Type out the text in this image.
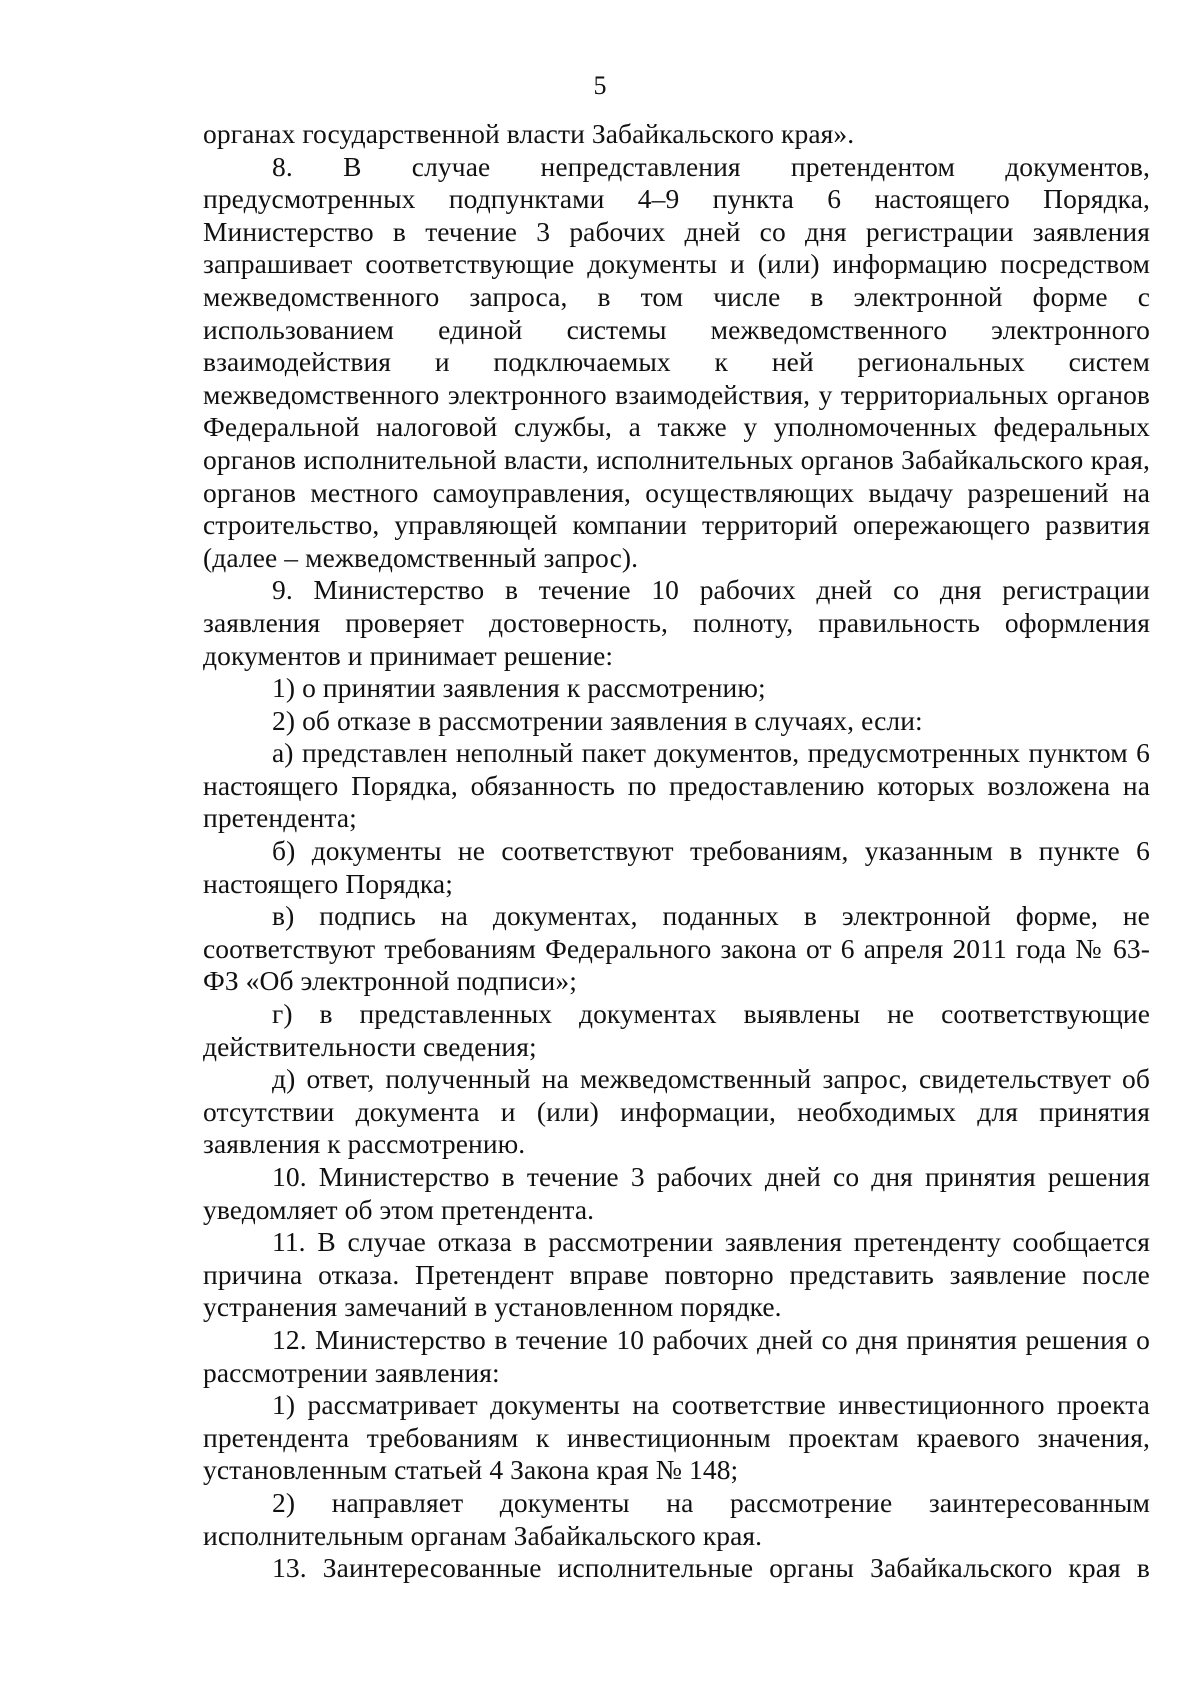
5

органах государственной власти Забайкальского края».

8. В случае непредставления претендентом документов, предусмотренных подпунктами 4–9 пункта 6 настоящего Порядка, Министерство в течение 3 рабочих дней со дня регистрации заявления запрашивает соответствующие документы и (или) информацию посредством межведомственного запроса, в том числе в электронной форме с использованием единой системы межведомственного электронного взаимодействия и подключаемых к ней региональных систем межведомственного электронного взаимодействия, у территориальных органов Федеральной налоговой службы, а также у уполномоченных федеральных органов исполнительной власти, исполнительных органов Забайкальского края, органов местного самоуправления, осуществляющих выдачу разрешений на строительство, управляющей компании территорий опережающего развития (далее – межведомственный запрос).

9. Министерство в течение 10 рабочих дней со дня регистрации заявления проверяет достоверность, полноту, правильность оформления документов и принимает решение:

1) о принятии заявления к рассмотрению;

2) об отказе в рассмотрении заявления в случаях, если:

а) представлен неполный пакет документов, предусмотренных пунктом 6 настоящего Порядка, обязанность по предоставлению которых возложена на претендента;

б) документы не соответствуют требованиям, указанным в пункте 6 настоящего Порядка;

в) подпись на документах, поданных в электронной форме, не соответствуют требованиям Федерального закона от 6 апреля 2011 года № 63-ФЗ «Об электронной подписи»;

г) в представленных документах выявлены не соответствующие действительности сведения;

д) ответ, полученный на межведомственный запрос, свидетельствует об отсутствии документа и (или) информации, необходимых для принятия заявления к рассмотрению.

10. Министерство в течение 3 рабочих дней со дня принятия решения уведомляет об этом претендента.

11. В случае отказа в рассмотрении заявления претенденту сообщается причина отказа. Претендент вправе повторно представить заявление после устранения замечаний в установленном порядке.

12. Министерство в течение 10 рабочих дней со дня принятия решения о рассмотрении заявления:

1) рассматривает документы на соответствие инвестиционного проекта претендента требованиям к инвестиционным проектам краевого значения, установленным статьей 4 Закона края № 148;

2) направляет документы на рассмотрение заинтересованным исполнительным органам Забайкальского края.

13. Заинтересованные исполнительные органы Забайкальского края в
